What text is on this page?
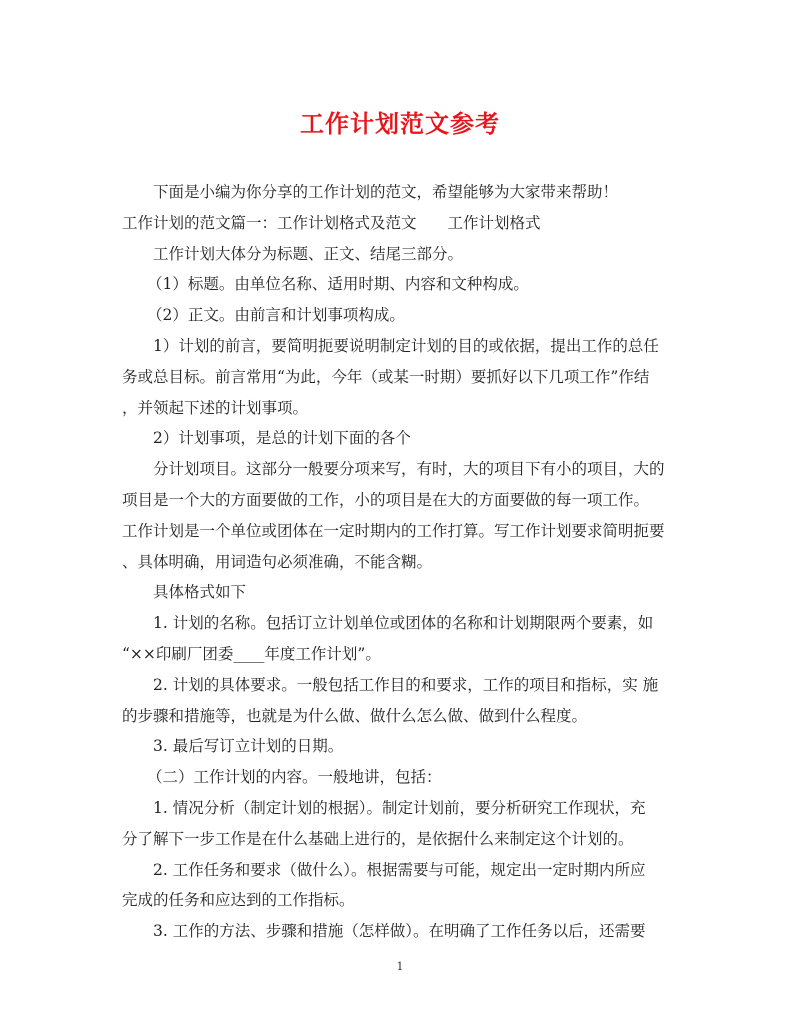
工作计划范文参考

下面是小编为你分享的工作计划的范文，希望能够为大家带来帮助！

工作计划的范文篇一：工作计划格式及范文　　工作计划格式

工作计划大体分为标题、正文、结尾三部分。

（1）标题。由单位名称、适用时期、内容和文种构成。

（2）正文。由前言和计划事项构成。

1）计划的前言，要简明扼要说明制定计划的目的或依据，提出工作的总任

务或总目标。前言常用“为此，今年（或某一时期）要抓好以下几项工作”作结

，并领起下述的计划事项。

2）计划事项，是总的计划下面的各个

分计划项目。这部分一般要分项来写，有时，大的项目下有小的项目，大的

项目是一个大的方面要做的工作，小的项目是在大的方面要做的每一项工作。

工作计划是一个单位或团体在一定时期内的工作打算。写工作计划要求简明扼要

、具体明确，用词造句必须准确，不能含糊。

具体格式如下

1. 计划的名称。包括订立计划单位或团体的名称和计划期限两个要素，如

“××印刷厂团委____年度工作计划”。

2. 计划的具体要求。一般包括工作目的和要求，工作的项目和指标，实 施

的步骤和措施等，也就是为什么做、做什么怎么做、做到什么程度。

3. 最后写订立计划的日期。

（二）工作计划的内容。一般地讲，包括：

1. 情况分析（制定计划的根据）。制定计划前，要分析研究工作现状，充

分了解下一步工作是在什么基础上进行的，是依据什么来制定这个计划的。

2. 工作任务和要求（做什么）。根据需要与可能，规定出一定时期内所应

完成的任务和应达到的工作指标。

3. 工作的方法、步骤和措施（怎样做）。在明确了工作任务以后，还需要

1
